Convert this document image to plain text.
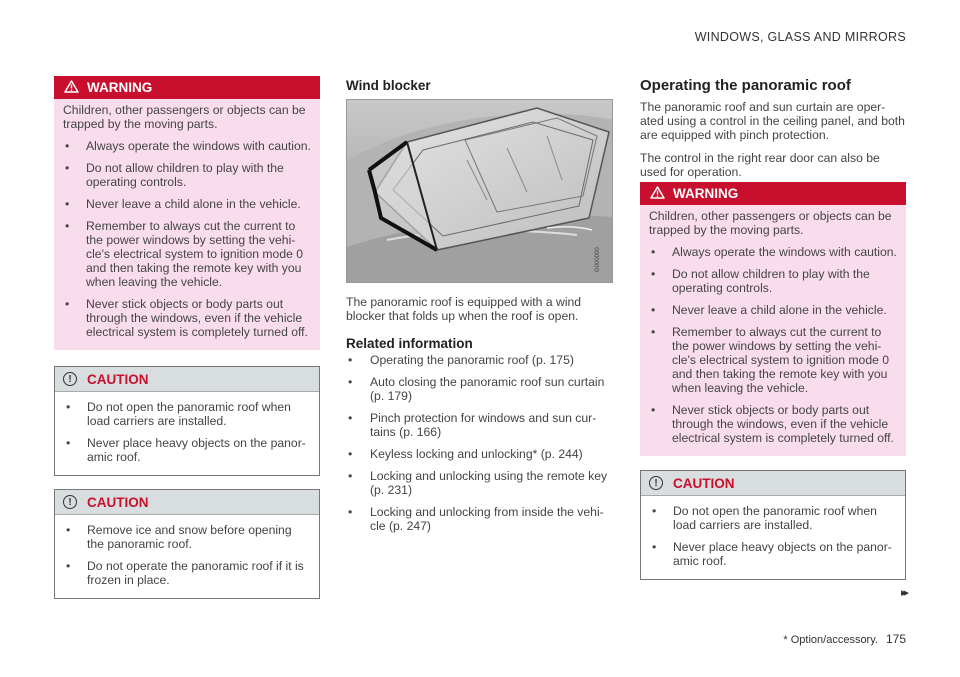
WINDOWS, GLASS AND MIRRORS
WARNING
Children, other passengers or objects can be trapped by the moving parts.
• Always operate the windows with caution.
• Do not allow children to play with the operating controls.
• Never leave a child alone in the vehicle.
• Remember to always cut the current to the power windows by setting the vehi-cle's electrical system to ignition mode 0 and then taking the remote key with you when leaving the vehicle.
• Never stick objects or body parts out through the windows, even if the vehicle electrical system is completely turned off.
!	CAUTION
• Do not open the panoramic roof when load carriers are installed.
• Never place heavy objects on the panor-amic roof.
!	CAUTION
• Remove ice and snow before opening the panoramic roof.
• Do not operate the panoramic roof if it is frozen in place.
Wind blocker
G000000
The panoramic roof is equipped with a wind blocker that folds up when the roof is open.
Related information
• Operating the panoramic roof (p. 175)
• Auto closing the panoramic roof sun curtain (p. 179)
• Pinch protection for windows and sun cur-tains (p. 166)
• Keyless locking and unlocking* (p. 244)
• Locking and unlocking using the remote key (p. 231)
• Locking and unlocking from inside the vehi-cle (p. 247)
Operating the panoramic roof
The panoramic roof and sun curtain are oper-ated using a control in the ceiling panel, and both are equipped with pinch protection.
The control in the right rear door can also be used for operation.
WARNING
Children, other passengers or objects can be trapped by the moving parts.
• Always operate the windows with caution.
• Do not allow children to play with the operating controls.
• Never leave a child alone in the vehicle.
• Remember to always cut the current to the power windows by setting the vehi-cle's electrical system to ignition mode 0 and then taking the remote key with you when leaving the vehicle.
• Never stick objects or body parts out through the windows, even if the vehicle electrical system is completely turned off.
!	CAUTION
• Do not open the panoramic roof when load carriers are installed.
• Never place heavy objects on the panor-amic roof.
▸▸
* Option/accessory. 175
